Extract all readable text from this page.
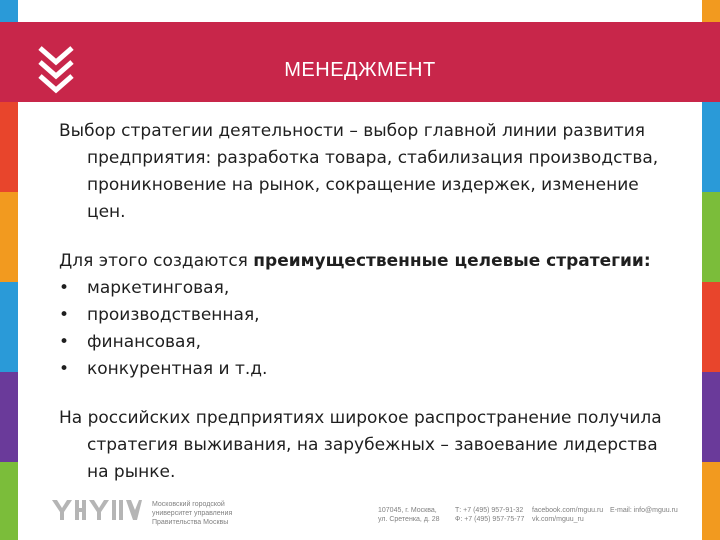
МЕНЕДЖМЕНТ

Выбор стратегии деятельности – выбор главной линии развития предприятия: разработка товара, стабилизация производства, проникновение на рынок, сокращение издержек, изменение цен.

Для этого создаются преимущественные целевые стратегии:

• маркетинговая,
• производственная,
• финансовая,
• конкурентная и т.д.

На российских предприятиях широкое распространение получила стратегия выживания, на зарубежных – завоевание лидерства на рынке.

Московский городской
университет управления
Правительства Москвы
107045, г. Москва,
ул. Сретенка, д. 28
Т: +7 (495) 957-91-32
Ф: +7 (495) 957-75-77
facebook.com/mguu.ru
vk.com/mguu_ru
E-mail: info@mguu.ru
